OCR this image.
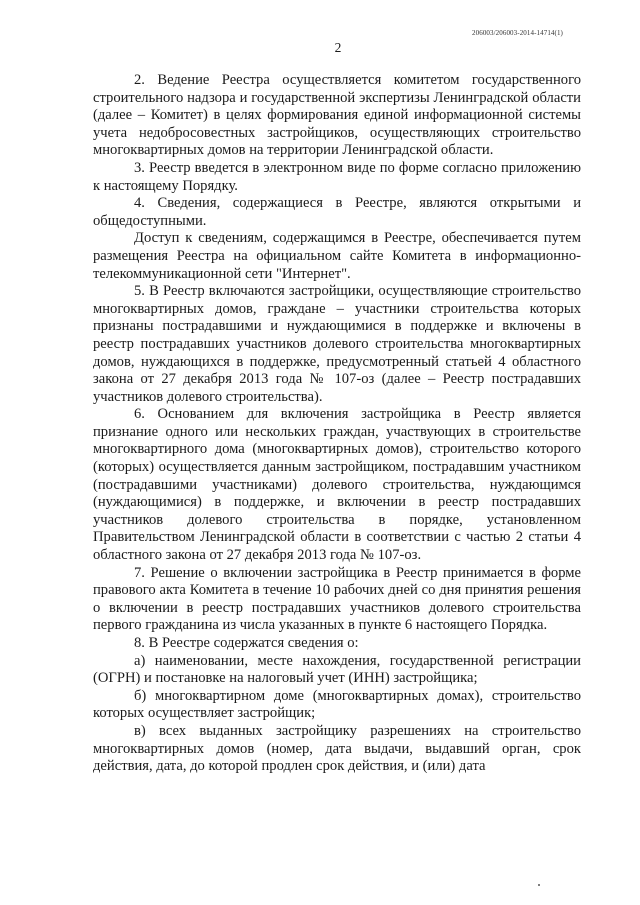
206003/206003-2014-14714(1)
2

2. Ведение Реестра осуществляется комитетом государственного строительного надзора и государственной экспертизы Ленинградской области (далее – Комитет) в целях формирования единой информационной системы учета недобросовестных застройщиков, осуществляющих строительство многоквартирных домов на территории Ленинградской области.

3. Реестр введется в электронном виде по форме согласно приложению к настоящему Порядку.

4. Сведения, содержащиеся в Реестре, являются открытыми и общедоступными.

Доступ к сведениям, содержащимся в Реестре, обеспечивается путем размещения Реестра на официальном сайте Комитета в информационно-телекоммуникационной сети "Интернет".

5. В Реестр включаются застройщики, осуществляющие строительство многоквартирных домов, граждане – участники строительства которых признаны пострадавшими и нуждающимися в поддержке и включены в реестр пострадавших участников долевого строительства многоквартирных домов, нуждающихся в поддержке, предусмотренный статьей 4 областного закона от 27 декабря 2013 года № 107-оз (далее – Реестр пострадавших участников долевого строительства).

6. Основанием для включения застройщика в Реестр является признание одного или нескольких граждан, участвующих в строительстве многоквартирного дома (многоквартирных домов), строительство которого (которых) осуществляется данным застройщиком, пострадавшим участником (пострадавшими участниками) долевого строительства, нуждающимся (нуждающимися) в поддержке, и включении в реестр пострадавших участников долевого строительства в порядке, установленном Правительством Ленинградской области в соответствии с частью 2 статьи 4 областного закона от 27 декабря 2013 года № 107-оз.

7. Решение о включении застройщика в Реестр принимается в форме правового акта Комитета в течение 10 рабочих дней со дня принятия решения о включении в реестр пострадавших участников долевого строительства первого гражданина из числа указанных в пункте 6 настоящего Порядка.

8. В Реестре содержатся сведения о:

а) наименовании, месте нахождения, государственной регистрации (ОГРН) и постановке на налоговый учет (ИНН) застройщика;

б) многоквартирном доме (многоквартирных домах), строительство которых осуществляет застройщик;

в) всех выданных застройщику разрешениях на строительство многоквартирных домов (номер, дата выдачи, выдавший орган, срок действия, дата, до которой продлен срок действия, и (или) дата
